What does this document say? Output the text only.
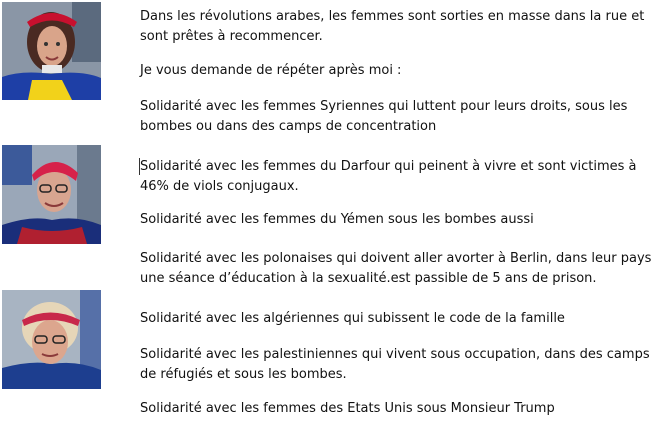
Dans les révolutions arabes, les femmes sont sorties en masse dans la rue et sont prêtes à recommencer.

Je vous demande de répéter après moi :

Solidarité avec les femmes Syriennes qui luttent pour leurs droits, sous les bombes ou dans des camps de concentration

Solidarité avec les femmes du Darfour qui peinent à vivre et sont victimes à 46% de viols conjugaux.

Solidarité avec les femmes du Yémen sous les bombes aussi

Solidarité avec les polonaises qui doivent aller avorter à Berlin, dans leur pays une séance d’éducation à la sexualité.est passible de 5 ans de prison.

Solidarité avec les algériennes qui subissent le code de la famille

Solidarité avec les palestiniennes qui vivent sous occupation, dans des camps de réfugiés et sous les bombes.

Solidarité avec les femmes des Etats Unis sous Monsieur Trump
